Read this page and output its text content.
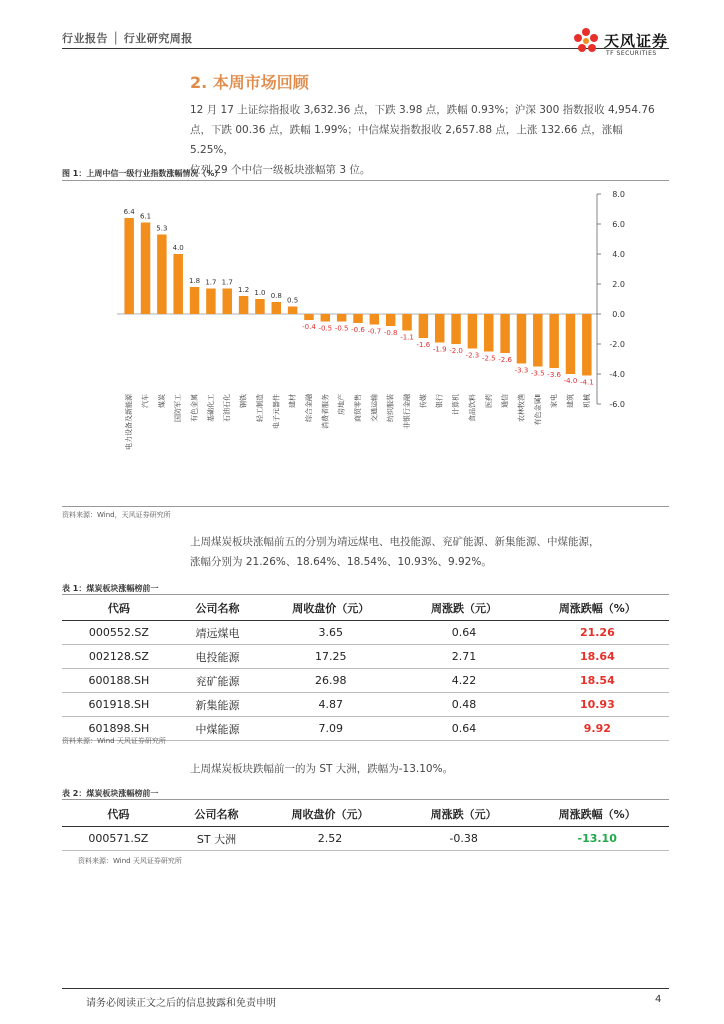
行业报告 │ 行业研究周报	天风证券
TF SECURITIES
2. 本周市场回顾
12 月 17 上证综指报收 3,632.36 点，下跌 3.98 点，跌幅 0.93%；沪深 300 指数报收 4,954.76
点，下跌 00.36 点，跌幅 1.99%；中信煤炭指数报收 2,657.88 点，上涨 132.66 点，涨幅 5.25%，
位列 29 个中信一级板块涨幅第 3 位。
图 1：上周中信一级行业指数涨幅情况（%）
8.0
6.0
4.0
2.0
0.0
-2.0
-4.0
-6.0
6.4
电力设备及新能源
6.1
汽车
5.3
煤炭
4.0
国防军工
1.8
有色金属
1.7
基础化工
1.7
石油石化
1.2
钢铁
1.0
轻工制造
0.8
电子元器件
0.5
建材
-0.4
综合金融
-0.5
消费者服务
-0.5
房地产
-0.6
商贸零售
-0.7
交通运输
-0.8
纺织服装
-1.1
非银行金融
-1.6
传媒
-1.9
银行
-2.0
计算机
-2.3
食品饮料
-2.5
医药
-2.6
通信
-3.3
农林牧渔
-3.5
有色金属Ⅱ
-3.6
家电
-4.0
建筑
-4.1
机械
资料来源：Wind，天风证券研究所
上周煤炭板块涨幅前五的分别为靖远煤电、电投能源、兖矿能源、新集能源、中煤能源，
涨幅分别为 21.26%、18.64%、18.54%、10.93%、9.92%。
表 1：煤炭板块涨幅榜前一
代码	公司名称	周收盘价（元）	周涨跌（元）	周涨跌幅（%）
000552.SZ	靖远煤电	3.65	0.64	21.26
002128.SZ	电投能源	17.25	2.71	18.64
600188.SH	兖矿能源	26.98	4.22	18.54
601918.SH	新集能源	4.87	0.48	10.93
601898.SH	中煤能源	7.09	0.64	9.92
资料来源：Wind 天风证券研究所
上周煤炭板块跌幅前一的为 ST 大洲，跌幅为-13.10%。
表 2：煤炭板块涨幅榜前一
代码	公司名称	周收盘价（元）	周涨跌（元）	周涨跌幅（%）
000571.SZ	ST 大洲	2.52	-0.38	-13.10
资料来源：Wind 天风证券研究所
请务必阅读正文之后的信息披露和免责申明	4
